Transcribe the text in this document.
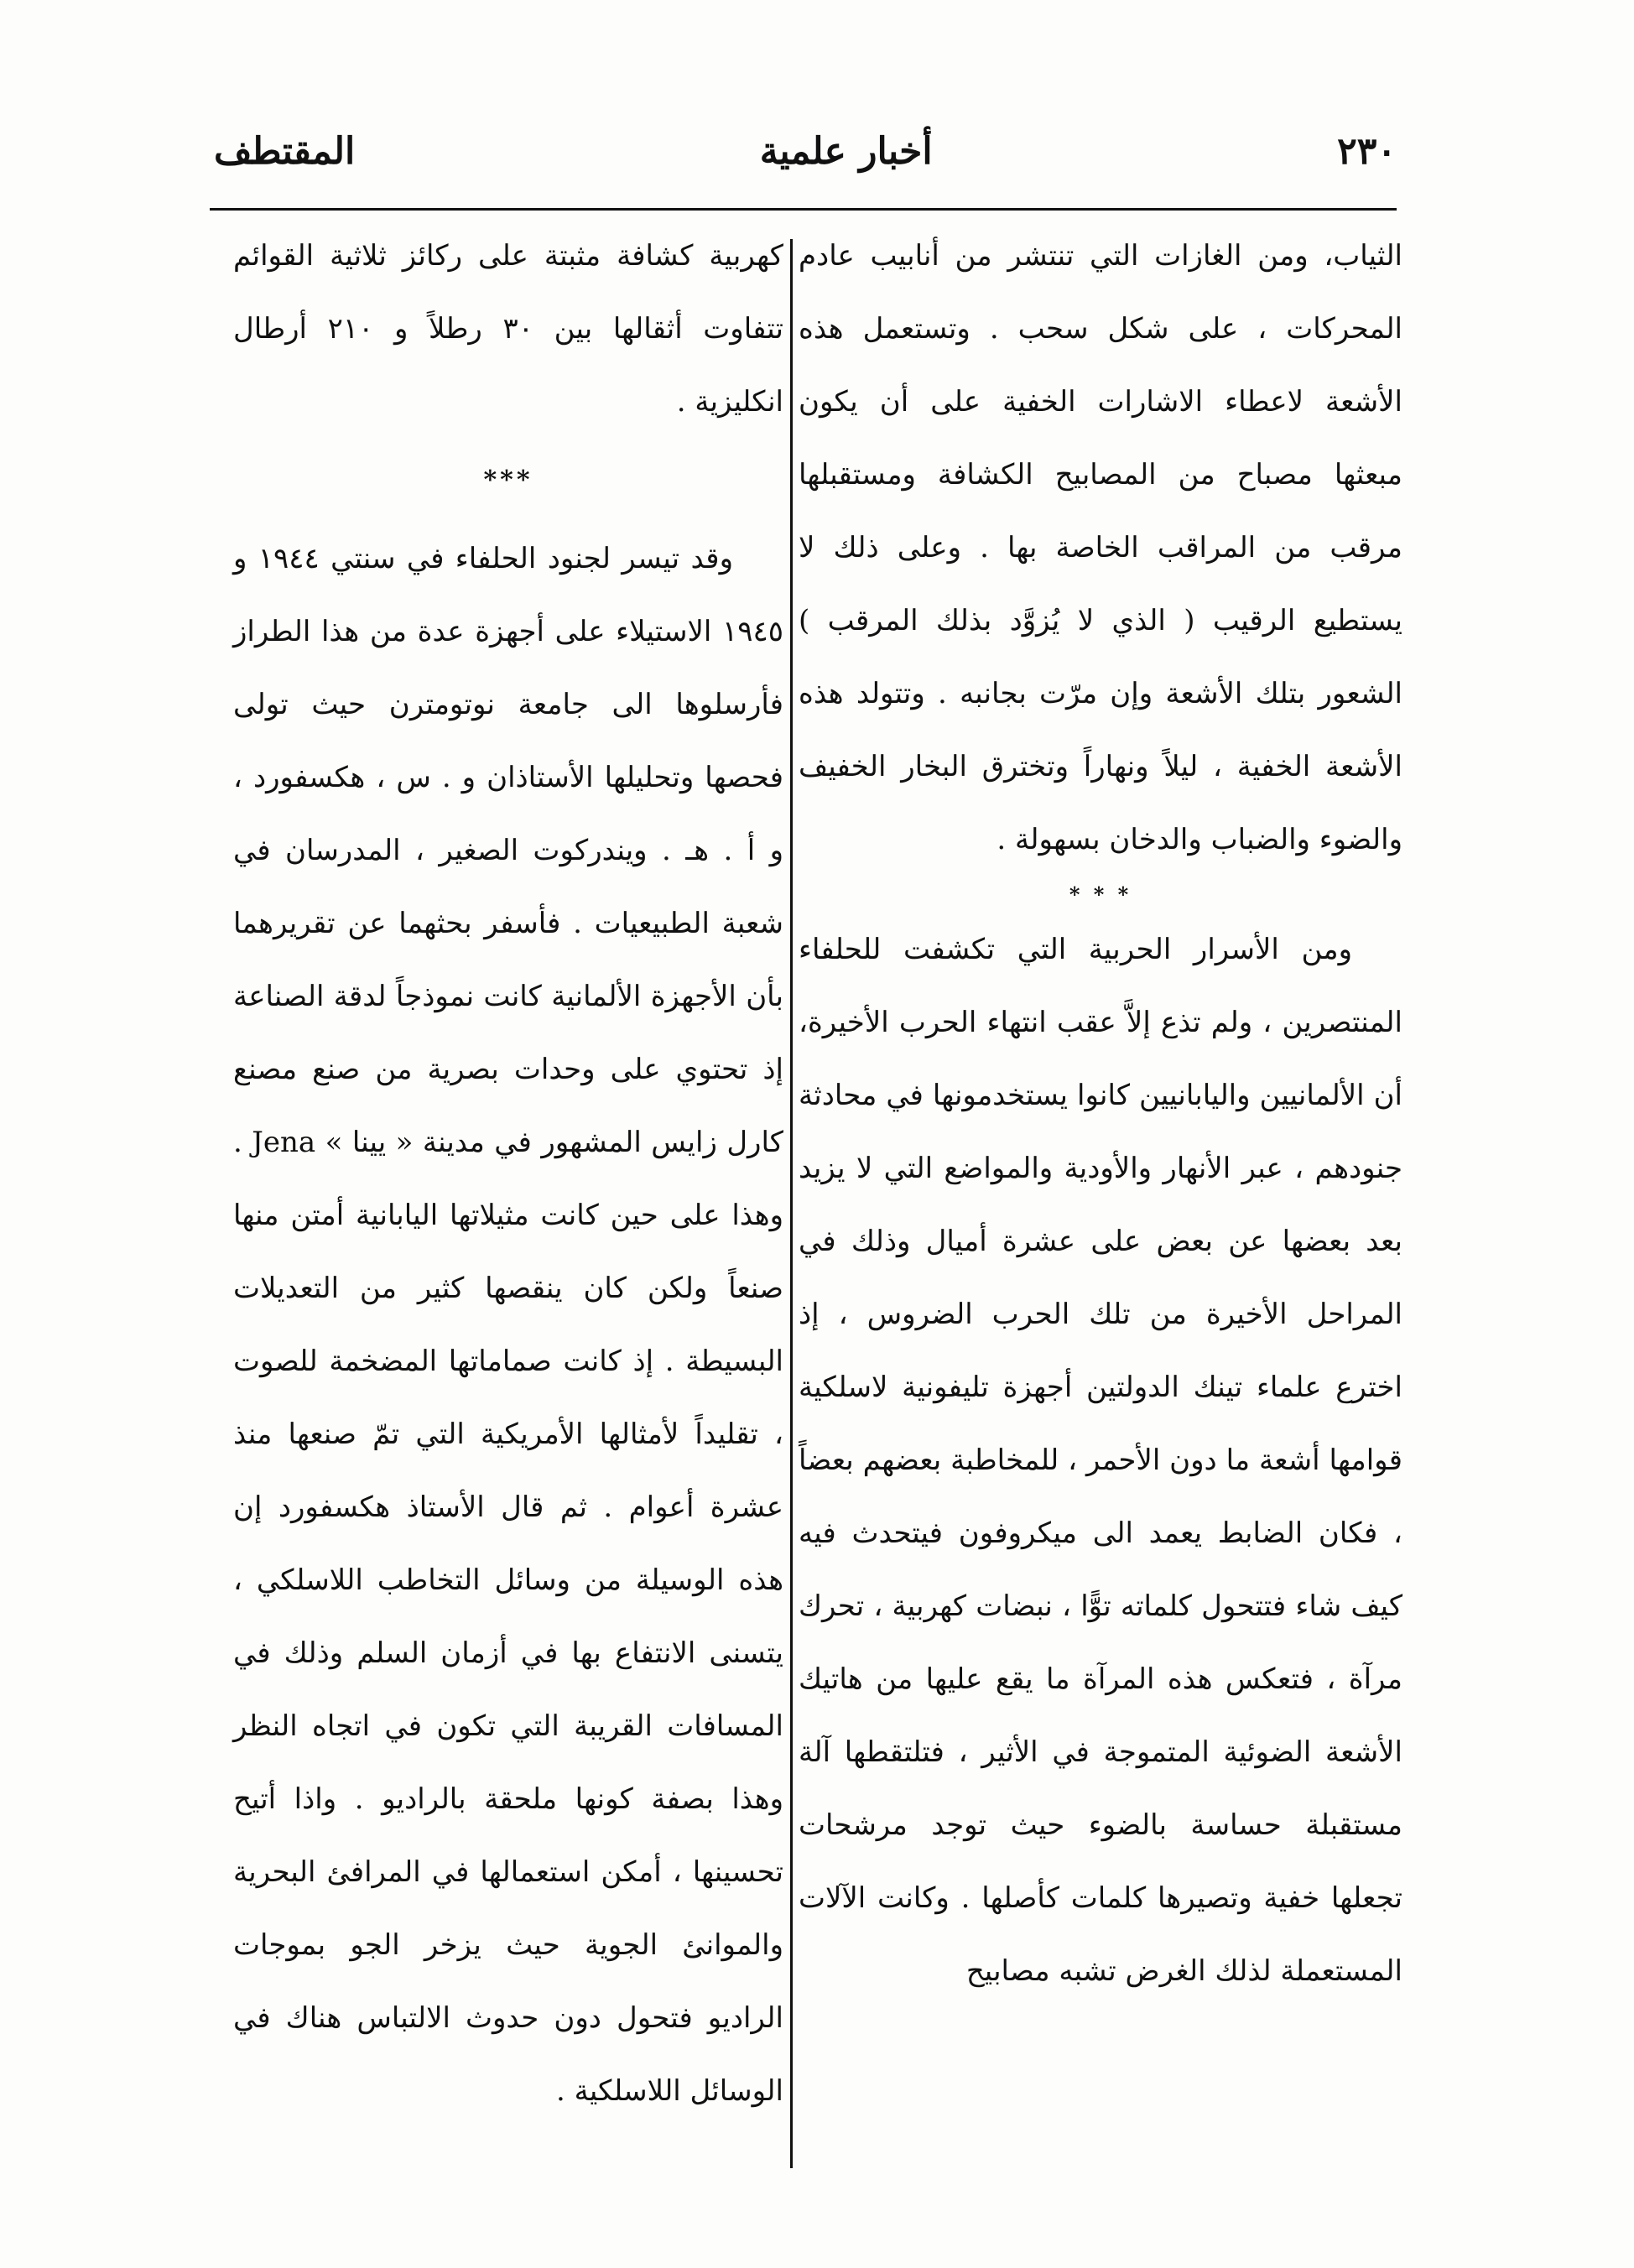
٢٣٠
أخبار علمية
المقتطف

الثياب، ومن الغازات التي تنتشر من أنابيب عادم المحركات ، على شكل سحب . وتستعمل هذه الأشعة لاعطاء الاشارات الخفية على أن يكون مبعثها مصباح من المصابيح الكشافة ومستقبلها مرقب من المراقب الخاصة بها . وعلى ذلك لا يستطيع الرقيب ( الذي لا يُزوَّد بذلك المرقب ) الشعور بتلك الأشعة وإن مرّت بجانبه . وتتولد هذه الأشعة الخفية ، ليلاً ونهاراً وتخترق البخار الخفيف والضوء والضباب والدخان بسهولة .

* * *

ومن الأسرار الحربية التي تكشفت للحلفاء المنتصرين ، ولم تذع إلاَّ عقب انتهاء الحرب الأخيرة، أن الألمانيين واليابانيين كانوا يستخدمونها في محادثة جنودهم ، عبر الأنهار والأودية والمواضع التي لا يزيد بعد بعضها عن بعض على عشرة أميال وذلك في المراحل الأخيرة من تلك الحرب الضروس ، إذ اخترع علماء تينك الدولتين أجهزة تليفونية لاسلكية قوامها أشعة ما دون الأحمر ، للمخاطبة بعضهم بعضاً ، فكان الضابط يعمد الى ميكروفون فيتحدث فيه كيف شاء فتتحول كلماته توًّا ، نبضات كهربية ، تحرك مرآة ، فتعكس هذه المرآة ما يقع عليها من هاتيك الأشعة الضوئية المتموجة في الأثير ، فتلتقطها آلة مستقبلة حساسة بالضوء حيث توجد مرشحات تجعلها خفية وتصيرها كلمات كأصلها . وكانت الآلات المستعملة لذلك الغرض تشبه مصابيح

كهربية كشافة مثبتة على ركائز ثلاثية القوائم تتفاوت أثقالها بين ٣٠ رطلاً و ٢١٠ أرطال انكليزية .

***

وقد تيسر لجنود الحلفاء في سنتي ١٩٤٤ و ١٩٤٥ الاستيلاء على أجهزة عدة من هذا الطراز فأرسلوها الى جامعة نوتومترن حيث تولى فحصها وتحليلها الأستاذان و . س ، هكسفورد ، و أ . هـ . ويندركوت الصغير ، المدرسان في شعبة الطبيعيات . فأسفر بحثهما عن تقريرهما بأن الأجهزة الألمانية كانت نموذجاً لدقة الصناعة إذ تحتوي على وحدات بصرية من صنع مصنع كارل زايس المشهور في مدينة « يينا » Jena . وهذا على حين كانت مثيلاتها اليابانية أمتن منها صنعاً ولكن كان ينقصها كثير من التعديلات البسيطة . إذ كانت صماماتها المضخمة للصوت ، تقليداً لأمثالها الأمريكية التي تمّ صنعها منذ عشرة أعوام . ثم قال الأستاذ هكسفورد إن هذه الوسيلة من وسائل التخاطب اللاسلكي ، يتسنى الانتفاع بها في أزمان السلم وذلك في المسافات القريبة التي تكون في اتجاه النظر وهذا بصفة كونها ملحقة بالراديو . واذا أتيح تحسينها ، أمكن استعمالها في المرافئ البحرية والموانئ الجوية حيث يزخر الجو بموجات الراديو فتحول دون حدوث الالتباس هناك في الوسائل اللاسلكية .
